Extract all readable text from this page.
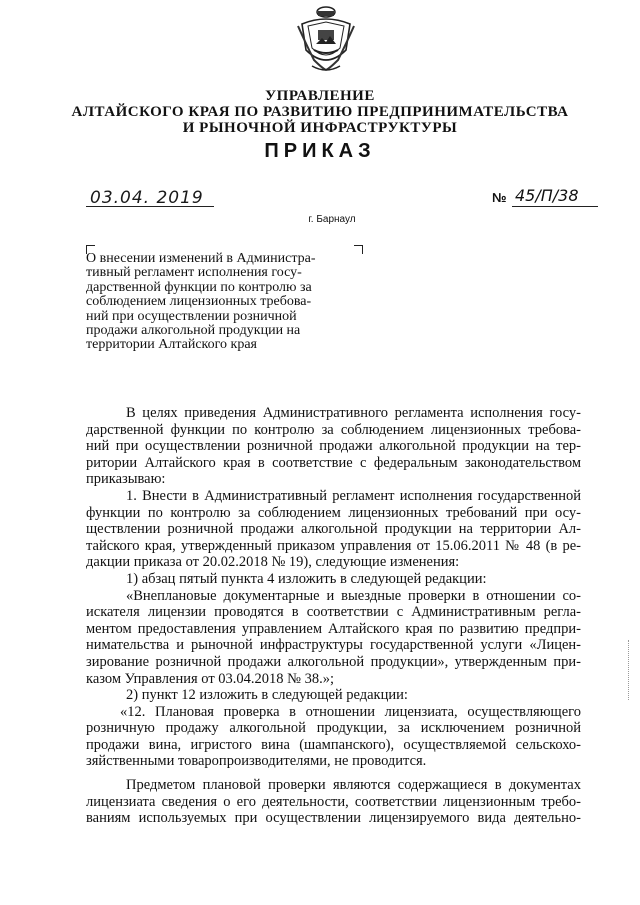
УПРАВЛЕНИЕ
АЛТАЙСКОГО КРАЯ ПО РАЗВИТИЮ ПРЕДПРИНИМАТЕЛЬСТВА
И РЫНОЧНОЙ ИНФРАСТРУКТУРЫ
ПРИКАЗ
03.04. 2019	№ 45/П/38
г. Барнаул
О внесении изменений в Администра-
тивный регламент исполнения госу-
дарственной функции по контролю за
соблюдением лицензионных требова-
ний при осуществлении розничной
продажи алкогольной продукции на
территории Алтайского края
В целях приведения Административного регламента исполнения госу-
дарственной функции по контролю за соблюдением лицензионных требова-
ний при осуществлении розничной продажи алкогольной продукции на тер-
ритории Алтайского края в соответствие с федеральным законодательством
приказываю:
1. Внести в Административный регламент исполнения государственной
функции по контролю за соблюдением лицензионных требований при осу-
ществлении розничной продажи алкогольной продукции на территории Ал-
тайского края, утвержденный приказом управления от 15.06.2011 № 48 (в ре-
дакции приказа от 20.02.2018 № 19), следующие изменения:
1) абзац пятый пункта 4 изложить в следующей редакции:
«Внеплановые документарные и выездные проверки в отношении со-
искателя лицензии проводятся в соответствии с Административным регла-
ментом предоставления управлением Алтайского края по развитию предпри-
нимательства и рыночной инфраструктуры государственной услуги «Лицен-
зирование розничной продажи алкогольной продукции», утвержденным при-
казом Управления от 03.04.2018 № 38.»;
2) пункт 12 изложить в следующей редакции:
«12. Плановая проверка в отношении лицензиата, осуществляющего
розничную продажу алкогольной продукции, за исключением розничной
продажи вина, игристого вина (шампанского), осуществляемой сельскохо-
зяйственными товаропроизводителями, не проводится.
Предметом плановой проверки являются содержащиеся в документах
лицензиата сведения о его деятельности, соответствии лицензионным требо-
ваниям используемых при осуществлении лицензируемого вида деятельно-
